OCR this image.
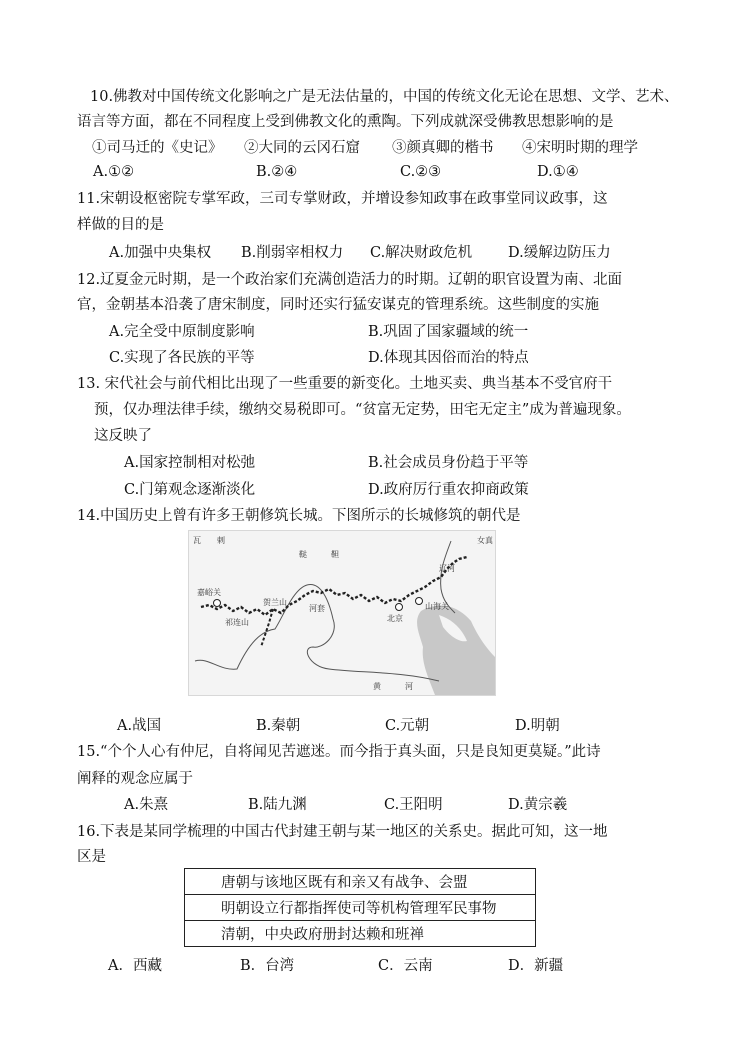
10.佛教对中国传统文化影响之广是无法估量的，中国的传统文化无论在思想、文学、艺术、
语言等方面，都在不同程度上受到佛教文化的熏陶。下列成就深受佛教思想影响的是
①司马迁的《史记》 ②大同的云冈石窟 ③颜真卿的楷书 ④宋明时期的理学
A.①②	B.②④	C.②③	D.①④
11.宋朝设枢密院专掌军政，三司专掌财政，并增设参知政事在政事堂同议政事，这
样做的目的是
A.加强中央集权 B.削弱宰相权力 C.解决财政危机 D.缓解边防压力
12.辽夏金元时期，是一个政治家们充满创造活力的时期。辽朝的职官设置为南、北面
官，金朝基本沿袭了唐宋制度，同时还实行猛安谋克的管理系统。这些制度的实施
A.完全受中原制度影响	B.巩固了国家疆域的统一
C.实现了各民族的平等	D.体现其因俗而治的特点
13. 宋代社会与前代相比出现了一些重要的新变化。土地买卖、典当基本不受官府干
预，仅办理法律手续，缴纳交易税即可。“贫富无定势，田宅无定主”成为普遍现象。
这反映了
A.国家控制相对松弛	B.社会成员身份趋于平等
C.门第观念逐渐淡化	D.政府厉行重农抑商政策
14.中国历史上曾有许多王朝修筑长城。下图所示的长城修筑的朝代是
瓦　　剌
鞑　　　靼
女真
辽河
嘉峪关
贺兰山
祁连山
河套
北京
山海关
黄　　　河
A.战国	B.秦朝	C.元朝	D.明朝
15.“个个人心有仲尼，自将闻见苦遮迷。而今指于真头面，只是良知更莫疑。”此诗
阐释的观念应属于
A.朱熹	B.陆九渊	C.王阳明	D.黄宗羲
16.下表是某同学梳理的中国古代封建王朝与某一地区的关系史。据此可知，这一地
区是
唐朝与该地区既有和亲又有战争、会盟
明朝设立行都指挥使司等机构管理军民事物
清朝，中央政府册封达赖和班禅
A．西藏	B．台湾	C．云南	D．新疆
